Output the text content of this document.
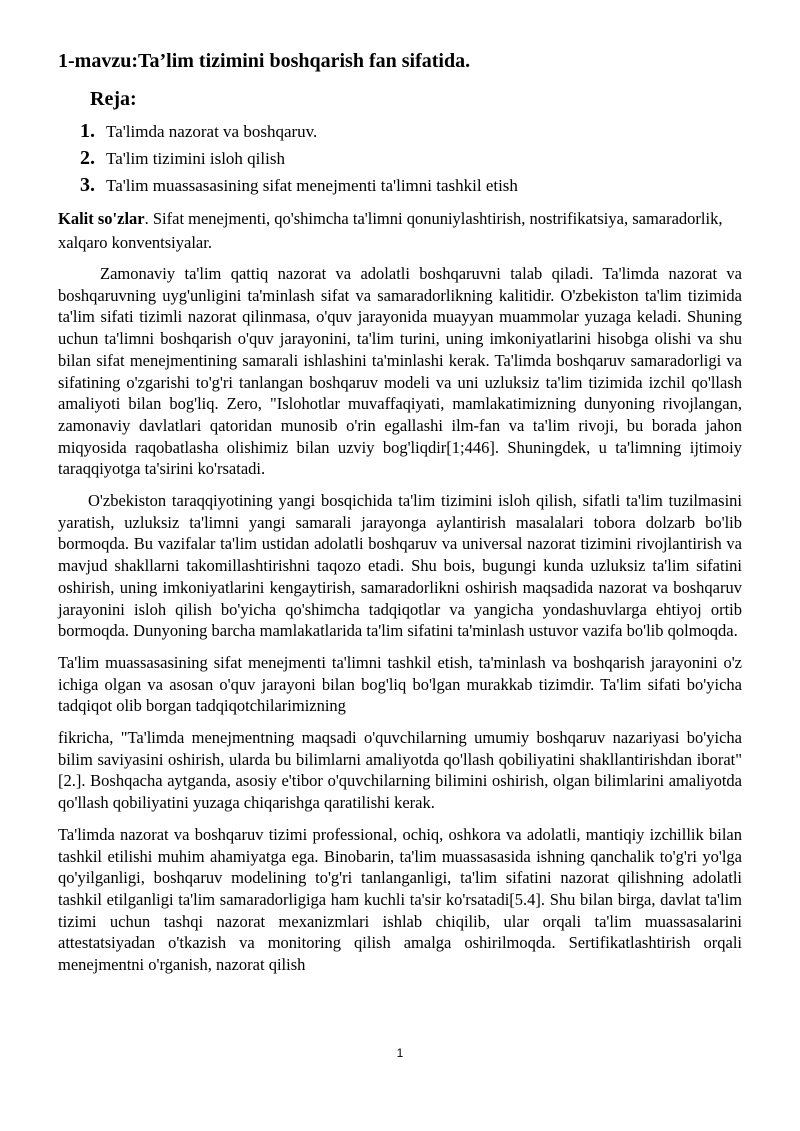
1-mavzu:Ta’lim tizimini boshqarish fan sifatida.
Reja:
1. Ta'limda nazorat va boshqaruv.
2. Ta'lim tizimini isloh qilish
3. Ta'lim muassasasining sifat menejmenti ta'limni tashkil etish

Kalit so'zlar. Sifat menejmenti, qo'shimcha ta'limni qonuniylashtirish, nostrifikatsiya, samaradorlik, xalqaro konventsiyalar.

Zamonaviy ta'lim qattiq nazorat va adolatli boshqaruvni talab qiladi. Ta'limda nazorat va boshqaruvning uyg'unligini ta'minlash sifat va samaradorlikning kalitidir. O'zbekiston ta'lim tizimida ta'lim sifati tizimli nazorat qilinmasa, o'quv jarayonida muayyan muammolar yuzaga keladi. Shuning uchun ta'limni boshqarish o'quv jarayonini, ta'lim turini, uning imkoniyatlarini hisobga olishi va shu bilan sifat menejmentining samarali ishlashini ta'minlashi kerak. Ta'limda boshqaruv samaradorligi va sifatining o'zgarishi to'g'ri tanlangan boshqaruv modeli va uni uzluksiz ta'lim tizimida izchil qo'llash amaliyoti bilan bog'liq. Zero, "Islohotlar muvaffaqiyati, mamlakatimizning dunyoning rivojlangan, zamonaviy davlatlari qatoridan munosib o'rin egallashi ilm-fan va ta'lim rivoji, bu borada jahon miqyosida raqobatlasha olishimiz bilan uzviy bog'liqdir[1;446]. Shuningdek, u ta'limning ijtimoiy taraqqiyotga ta'sirini ko'rsatadi.

O'zbekiston taraqqiyotining yangi bosqichida ta'lim tizimini isloh qilish, sifatli ta'lim tuzilmasini yaratish, uzluksiz ta'limni yangi samarali jarayonga aylantirish masalalari tobora dolzarb bo'lib bormoqda. Bu vazifalar ta'lim ustidan adolatli boshqaruv va universal nazorat tizimini rivojlantirish va mavjud shakllarni takomillashtirishni taqozo etadi. Shu bois, bugungi kunda uzluksiz ta'lim sifatini oshirish, uning imkoniyatlarini kengaytirish, samaradorlikni oshirish maqsadida nazorat va boshqaruv jarayonini isloh qilish bo'yicha qo'shimcha tadqiqotlar va yangicha yondashuvlarga ehtiyoj ortib bormoqda. Dunyoning barcha mamlakatlarida ta'lim sifatini ta'minlash ustuvor vazifa bo'lib qolmoqda.

Ta'lim muassasasining sifat menejmenti ta'limni tashkil etish, ta'minlash va boshqarish jarayonini o'z ichiga olgan va asosan o'quv jarayoni bilan bog'liq bo'lgan murakkab tizimdir. Ta'lim sifati bo'yicha tadqiqot olib borgan tadqiqotchilarimizning

fikricha, "Ta'limda menejmentning maqsadi o'quvchilarning umumiy boshqaruv nazariyasi bo'yicha bilim saviyasini oshirish, ularda bu bilimlarni amaliyotda qo'llash qobiliyatini shakllantirishdan iborat" [2.]. Boshqacha aytganda, asosiy e'tibor o'quvchilarning bilimini oshirish, olgan bilimlarini amaliyotda qo'llash qobiliyatini yuzaga chiqarishga qaratilishi kerak.

Ta'limda nazorat va boshqaruv tizimi professional, ochiq, oshkora va adolatli, mantiqiy izchillik bilan tashkil etilishi muhim ahamiyatga ega. Binobarin, ta'lim muassasasida ishning qanchalik to'g'ri yo'lga qo'yilganligi, boshqaruv modelining to'g'ri tanlanganligi, ta'lim sifatini nazorat qilishning adolatli tashkil etilganligi ta'lim samaradorligiga ham kuchli ta'sir ko'rsatadi[5.4]. Shu bilan birga, davlat ta'lim tizimi uchun tashqi nazorat mexanizmlari ishlab chiqilib, ular orqali ta'lim muassasalarini attestatsiyadan o'tkazish va monitoring qilish amalga oshirilmoqda. Sertifikatlashtirish orqali menejmentni o'rganish, nazorat qilish

1
